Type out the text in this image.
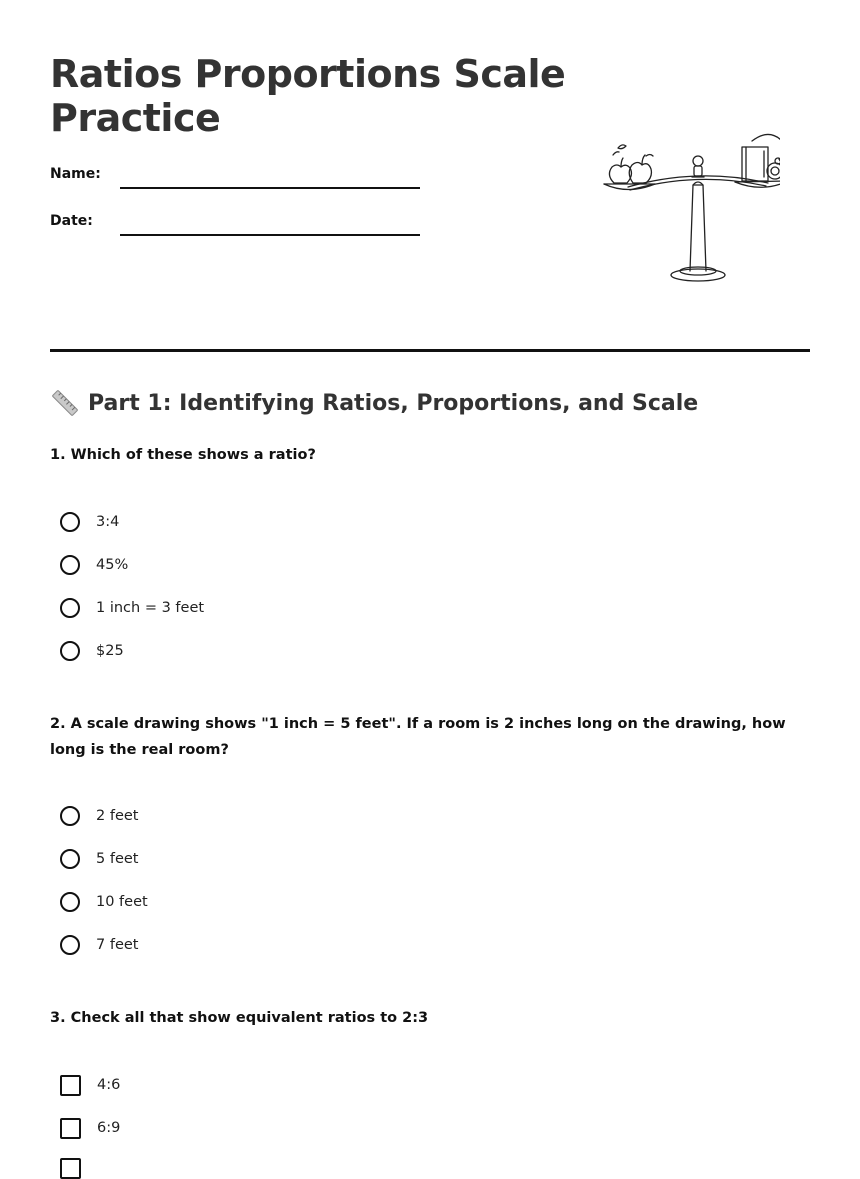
Ratios Proportions Scale Practice
Name:
Date:
Part 1: Identifying Ratios, Proportions, and Scale

1. Which of these shows a ratio?

3:4
45%
1 inch = 3 feet
$25

2. A scale drawing shows "1 inch = 5 feet". If a room is 2 inches long on the drawing, how long is the real room?

2 feet
5 feet
10 feet
7 feet

3. Check all that show equivalent ratios to 2:3

4:6
6:9
